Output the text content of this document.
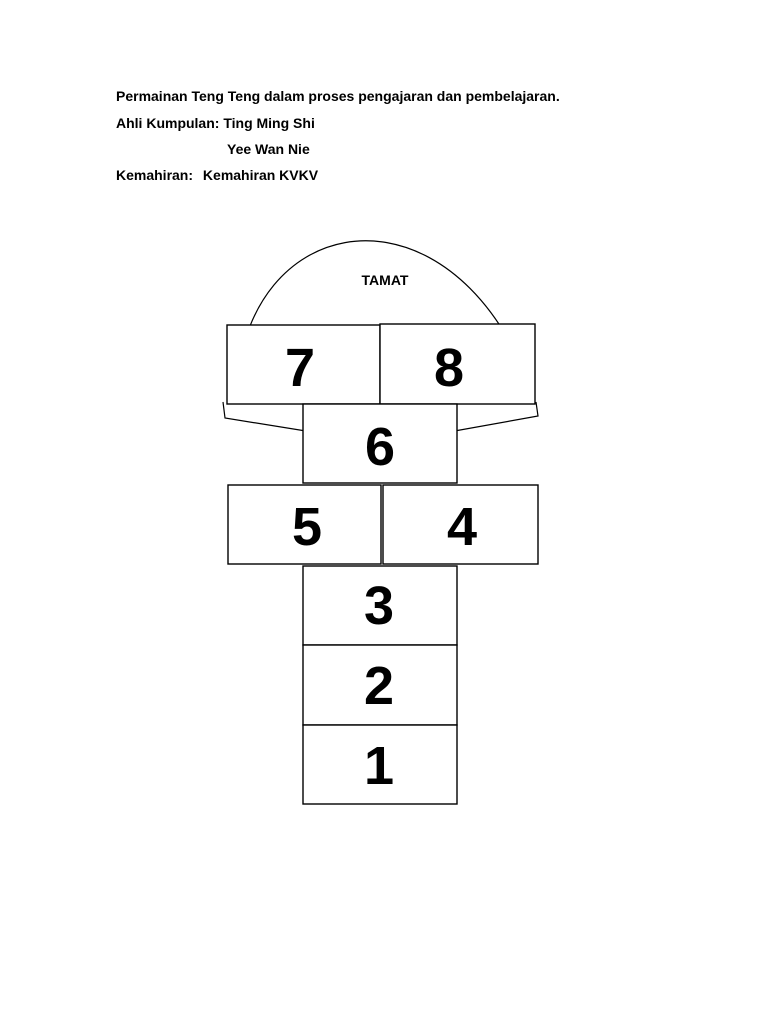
Permainan Teng Teng dalam proses pengajaran dan pembelajaran.
Ahli Kumpulan: Ting Ming Shi
Yee Wan Nie
Kemahiran: Kemahiran KVKV
TAMAT
7 8
6
5 4
3
2
1
